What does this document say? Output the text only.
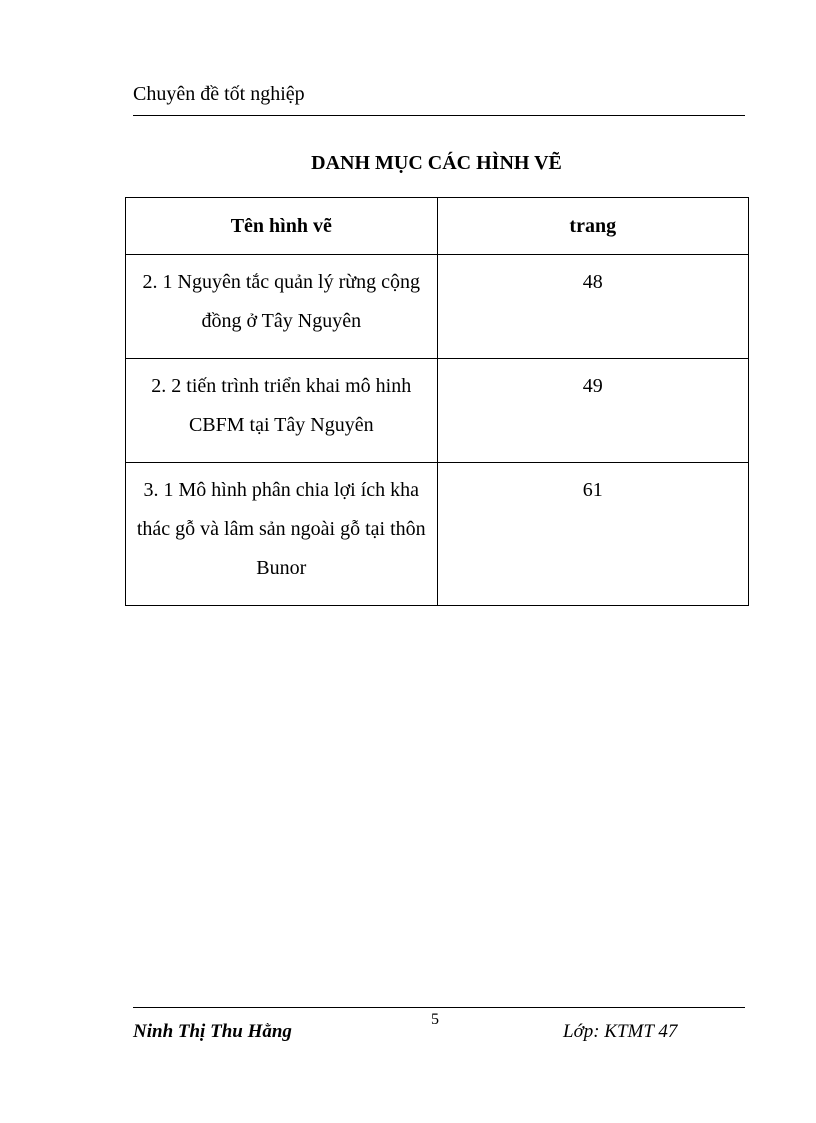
Chuyên đề tốt nghiệp
DANH MỤC CÁC HÌNH VẼ
Tên hình vẽ	trang
2. 1 Nguyên tắc quản lý rừng cộng đồng ở Tây Nguyên	48
2. 2 tiến trình triển khai mô hinh CBFM tại Tây Nguyên	49
3. 1 Mô hình phân chia lợi ích kha thác gỗ và lâm sản ngoài gỗ tại thôn Bunor	61
5
Ninh Thị Thu Hằng	Lớp: KTMT 47
